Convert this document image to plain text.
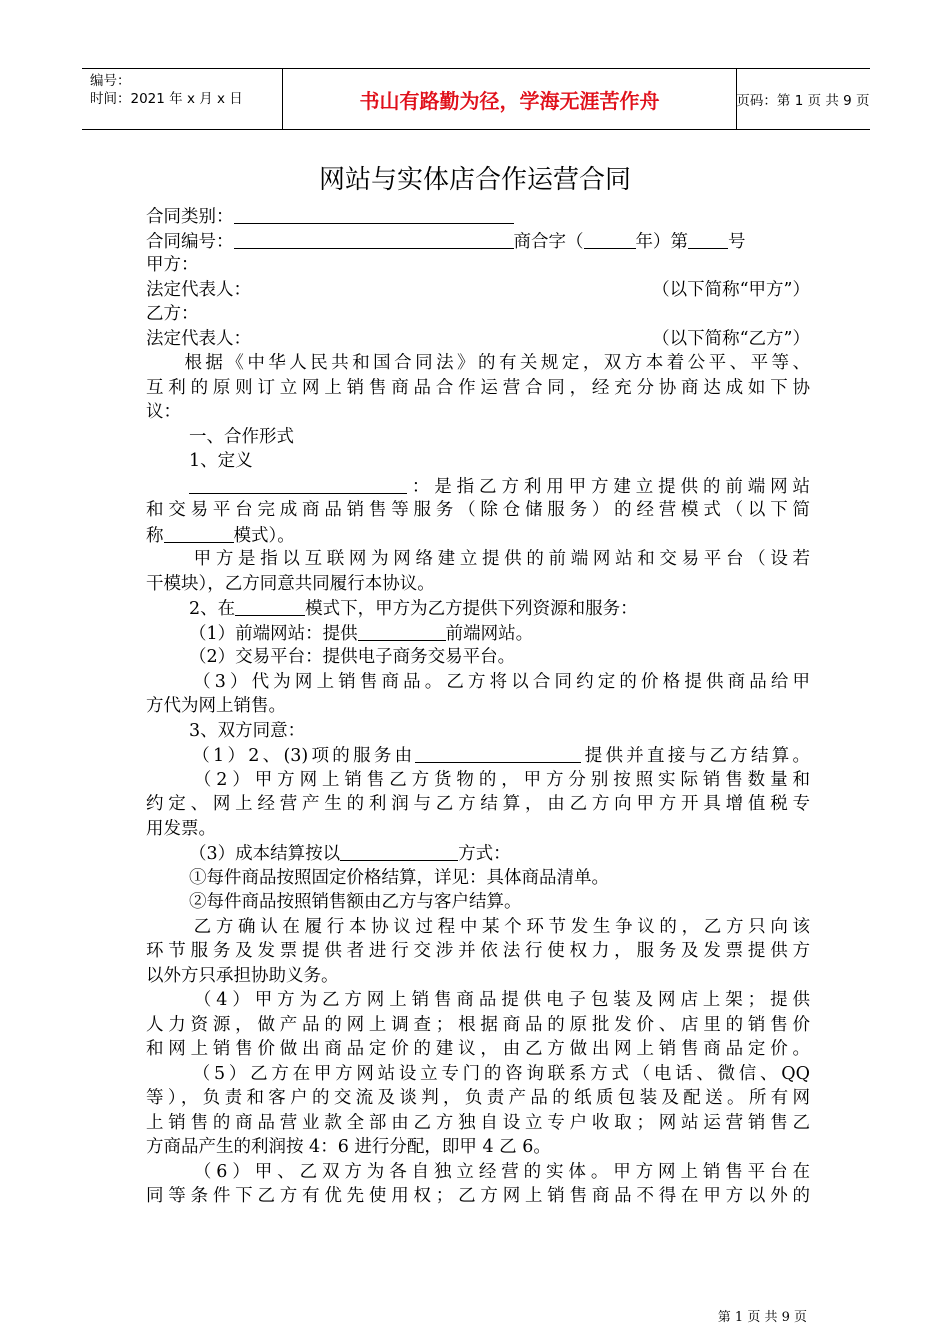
编号：
时间：2021 年 x 月 x 日	书山有路勤为径，学海无涯苦作舟	页码：第 1 页 共 9 页
网站与实体店合作运营合同
合同类别：
合同编号：	商合字（	年）第 号
甲方：
法定代表人：	（以下简称“甲方”）
乙方：
法定代表人：	（以下简称“乙方”）
根据《中华人民共和国合同法》的有关规定，双方本着公平、平等、
互利的原则订立网上销售商品合作运营合同，经充分协商达成如下协
议：
一、合作形式
1、定义
：是指乙方利用甲方建立提供的前端网站
和交易平台完成商品销售等服务（除仓储服务）的经营模式（以下简
称	模式）。
甲方是指以互联网为网络建立提供的前端网站和交易平台（设若
干模块），乙方同意共同履行本协议。
2、在	模式下，甲方为乙方提供下列资源和服务：
（1）前端网站：提供	前端网站。
（2）交易平台：提供电子商务交易平台。
（3）代为网上销售商品。乙方将以合同约定的价格提供商品给甲
方代为网上销售。
3、双方同意：
（1）2、(3)项的服务由	提供并直接与乙方结算。
（2）甲方网上销售乙方货物的，甲方分别按照实际销售数量和
约定、网上经营产生的利润与乙方结算，由乙方向甲方开具增值税专
用发票。
（3）成本结算按以	方式：
①每件商品按照固定价格结算，详见：具体商品清单。
②每件商品按照销售额由乙方与客户结算。
乙方确认在履行本协议过程中某个环节发生争议的，乙方只向该
环节服务及发票提供者进行交涉并依法行使权力，服务及发票提供方
以外方只承担协助义务。
（4）甲方为乙方网上销售商品提供电子包装及网店上架；提供
人力资源，做产品的网上调查；根据商品的原批发价、店里的销售价
和网上销售价做出商品定价的建议，由乙方做出网上销售商品定价。
（5）乙方在甲方网站设立专门的咨询联系方式（电话、微信、QQ
等），负责和客户的交流及谈判，负责产品的纸质包装及配送。所有网
上销售的商品营业款全部由乙方独自设立专户收取；网站运营销售乙
方商品产生的利润按 4：6 进行分配，即甲 4 乙 6。
（6）甲、乙双方为各自独立经营的实体。甲方网上销售平台在
同等条件下乙方有优先使用权；乙方网上销售商品不得在甲方以外的
第 1 页 共 9 页
